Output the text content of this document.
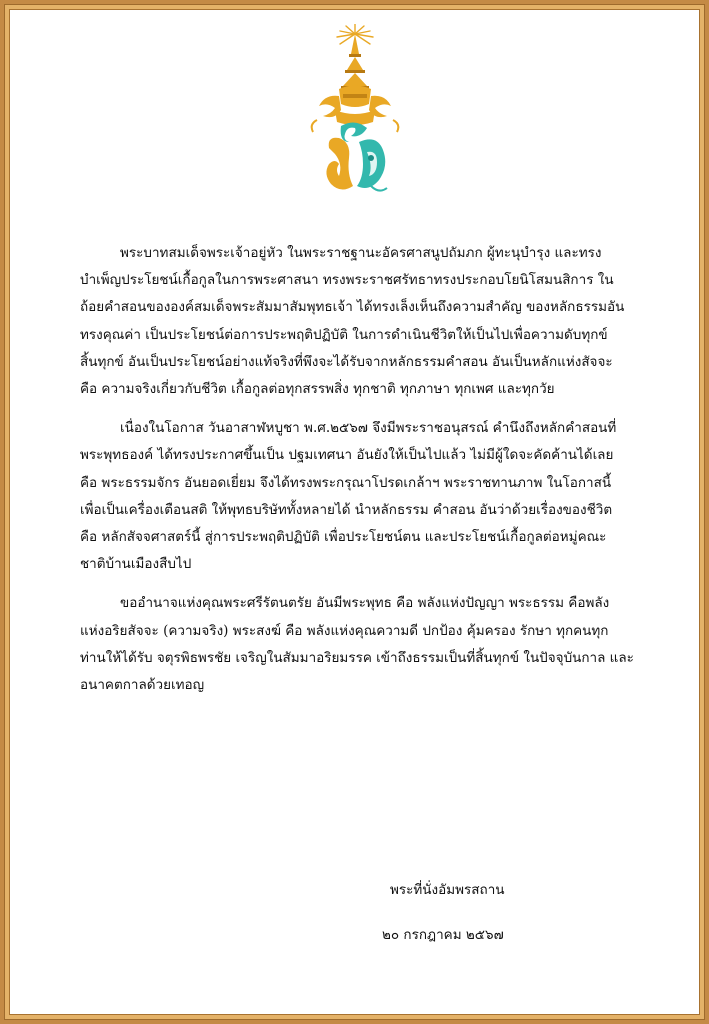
พระบาทสมเด็จพระเจ้าอยู่หัว ในพระราชฐานะอัครศาสนูปถัมภก ผู้ทะนุบำรุง และทรง
บำเพ็ญประโยชน์เกื้อกูลในการพระศาสนา ทรงพระราชศรัทธาทรงประกอบโยนิโสมนสิการ ใน
ถ้อยคำสอนขององค์สมเด็จพระสัมมาสัมพุทธเจ้า ได้ทรงเล็งเห็นถึงความสำคัญ ของหลักธรรมอัน
ทรงคุณค่า เป็นประโยชน์ต่อการประพฤติปฏิบัติ ในการดำเนินชีวิตให้เป็นไปเพื่อความดับทุกข์
สิ้นทุกข์ อันเป็นประโยชน์อย่างแท้จริงที่พึงจะได้รับจากหลักธรรมคำสอน อันเป็นหลักแห่งสัจจะ
คือ ความจริงเกี่ยวกับชีวิต เกื้อกูลต่อทุกสรรพสิ่ง ทุกชาติ ทุกภาษา ทุกเพศ และทุกวัย

เนื่องในโอกาส วันอาสาฬหบูชา พ.ศ.๒๕๖๗ จึงมีพระราชอนุสรณ์ คำนึงถึงหลักคำสอนที่
พระพุทธองค์ ได้ทรงประกาศขึ้นเป็น ปฐมเทศนา อันยังให้เป็นไปแล้ว ไม่มีผู้ใดจะคัดค้านได้เลย
คือ พระธรรมจักร อันยอดเยี่ยม จึงได้ทรงพระกรุณาโปรดเกล้าฯ พระราชทานภาพ ในโอกาสนี้
เพื่อเป็นเครื่องเตือนสติ ให้พุทธบริษัททั้งหลายได้ นำหลักธรรม คำสอน อันว่าด้วยเรื่องของชีวิต
คือ หลักสัจจศาสตร์นี้ สู่การประพฤติปฏิบัติ เพื่อประโยชน์ตน และประโยชน์เกื้อกูลต่อหมู่คณะ
ชาติบ้านเมืองสืบไป

ขออำนาจแห่งคุณพระศรีรัตนตรัย อันมีพระพุทธ คือ พลังแห่งปัญญา พระธรรม คือพลัง
แห่งอริยสัจจะ (ความจริง) พระสงฆ์ คือ พลังแห่งคุณความดี ปกป้อง คุ้มครอง รักษา ทุกคนทุก
ท่านให้ได้รับ จตุรพิธพรชัย เจริญในสัมมาอริยมรรค เข้าถึงธรรมเป็นที่สิ้นทุกข์ ในปัจจุบันกาล และ
อนาคตกาลด้วยเทอญ

พระที่นั่งอัมพรสถาน
๒๐ กรกฎาคม ๒๕๖๗
